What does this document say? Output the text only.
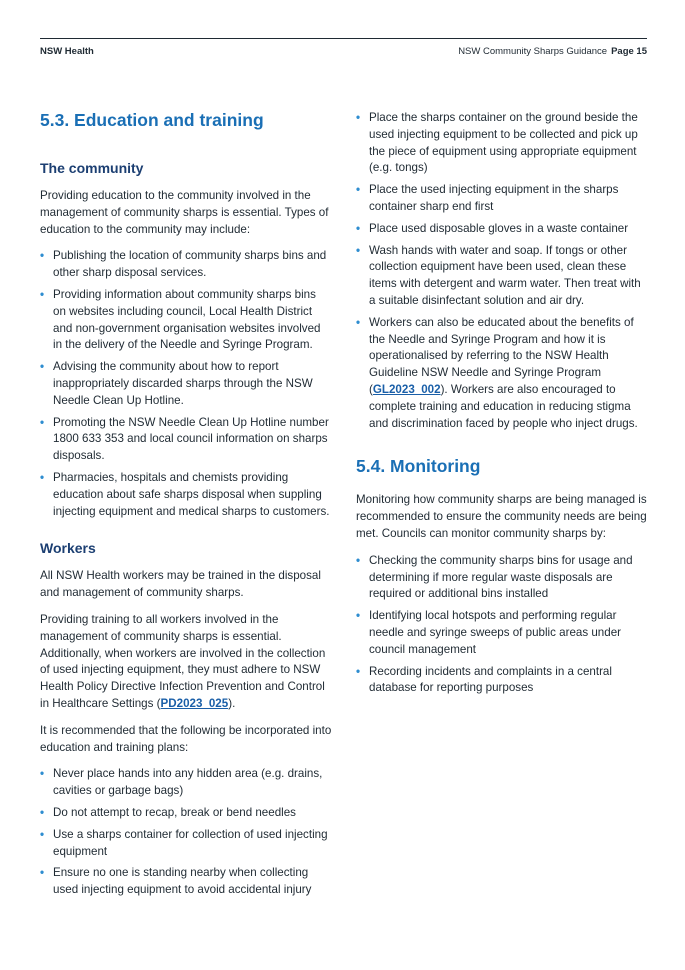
NSW Health	NSW Community Sharps Guidance Page 15
5.3. Education and training
The community

Providing education to the community involved in the management of community sharps is essential. Types of education to the community may include:

• Publishing the location of community sharps bins and other sharp disposal services.
• Providing information about community sharps bins on websites including council, Local Health District and non-government organisation websites involved in the delivery of the Needle and Syringe Program.
• Advising the community about how to report inappropriately discarded sharps through the NSW Needle Clean Up Hotline.
• Promoting the NSW Needle Clean Up Hotline number 1800 633 353 and local council information on sharps disposals.
• Pharmacies, hospitals and chemists providing education about safe sharps disposal when suppling injecting equipment and medical sharps to customers.
Workers

All NSW Health workers may be trained in the disposal and management of community sharps.

Providing training to all workers involved in the management of community sharps is essential. Additionally, when workers are involved in the collection of used injecting equipment, they must adhere to NSW Health Policy Directive Infection Prevention and Control in Healthcare Settings (PD2023_025).

It is recommended that the following be incorporated into education and training plans:

• Never place hands into any hidden area (e.g. drains, cavities or garbage bags)
• Do not attempt to recap, break or bend needles
• Use a sharps container for collection of used injecting equipment
• Ensure no one is standing nearby when collecting used injecting equipment to avoid accidental injury
• Place the sharps container on the ground beside the used injecting equipment to be collected and pick up the piece of equipment using appropriate equipment (e.g. tongs)
• Place the used injecting equipment in the sharps container sharp end first
• Place used disposable gloves in a waste container
• Wash hands with water and soap. If tongs or other collection equipment have been used, clean these items with detergent and warm water. Then treat with a suitable disinfectant solution and air dry.
• Workers can also be educated about the benefits of the Needle and Syringe Program and how it is operationalised by referring to the NSW Health Guideline NSW Needle and Syringe Program (GL2023_002). Workers are also encouraged to complete training and education in reducing stigma and discrimination faced by people who inject drugs.
5.4. Monitoring

Monitoring how community sharps are being managed is recommended to ensure the community needs are being met. Councils can monitor community sharps by:

• Checking the community sharps bins for usage and determining if more regular waste disposals are required or additional bins installed
• Identifying local hotspots and performing regular needle and syringe sweeps of public areas under council management
• Recording incidents and complaints in a central database for reporting purposes
